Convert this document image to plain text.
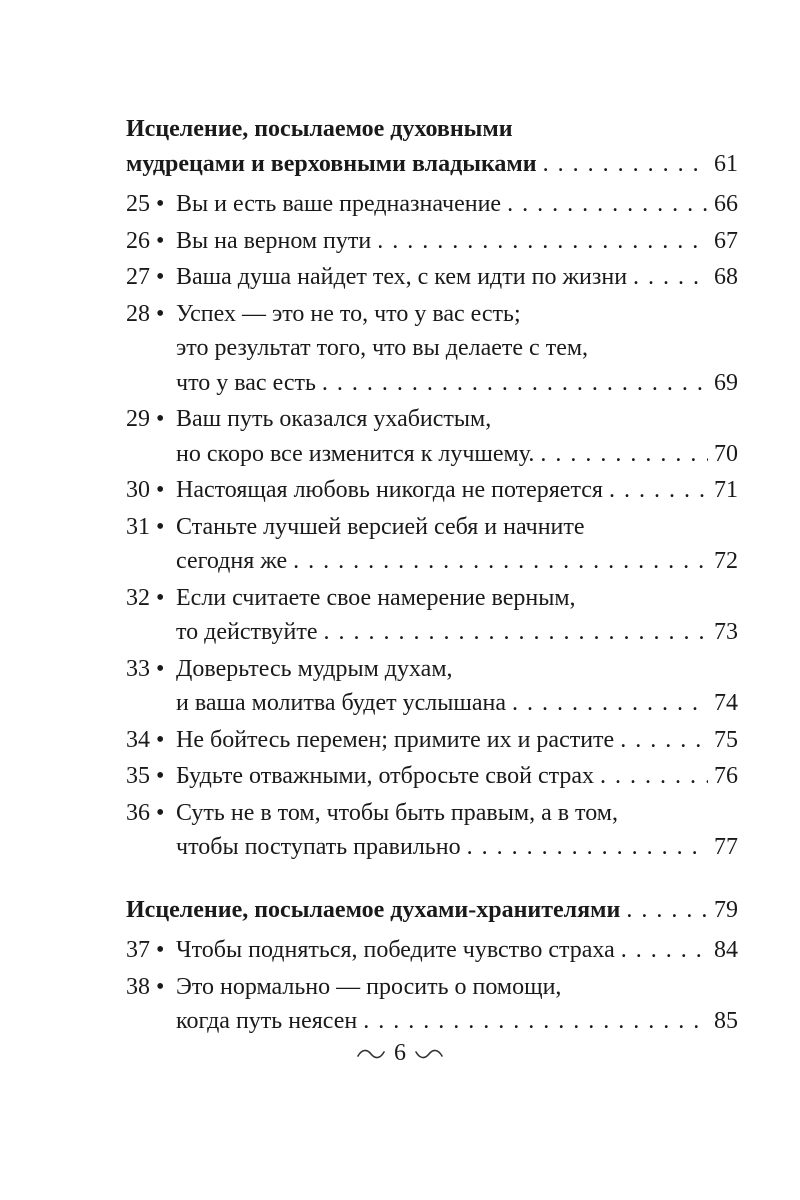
Исцеление, посылаемое духовными
мудрецами и верховными владыками . . .	61
25 • Вы и есть ваше предназначение . . .	66
26 • Вы на верном пути . . .	67
27 • Ваша душа найдет тех, с кем идти по жизни . . .	68
28 • Успех — это не то, что у вас есть;
это результат того, что вы делаете с тем,
что у вас есть . . .	69
29 • Ваш путь оказался ухабистым,
но скоро все изменится к лучшему. . . .	70
30 • Настоящая любовь никогда не потеряется . . .	71
31 • Станьте лучшей версией себя и начните
сегодня же . . .	72
32 • Если считаете свое намерение верным,
то действуйте . . .	73
33 • Доверьтесь мудрым духам,
и ваша молитва будет услышана . . .	74
34 • Не бойтесь перемен; примите их и растите . . .	75
35 • Будьте отважными, отбросьте свой страх . . .	76
36 • Суть не в том, чтобы быть правым, а в том,
чтобы поступать правильно . . .	77
Исцеление, посылаемое духами-хранителями . . .	79
37 • Чтобы подняться, победите чувство страха . . .	84
38 • Это нормально — просить о помощи,
когда путь неясен . . .	85
6
